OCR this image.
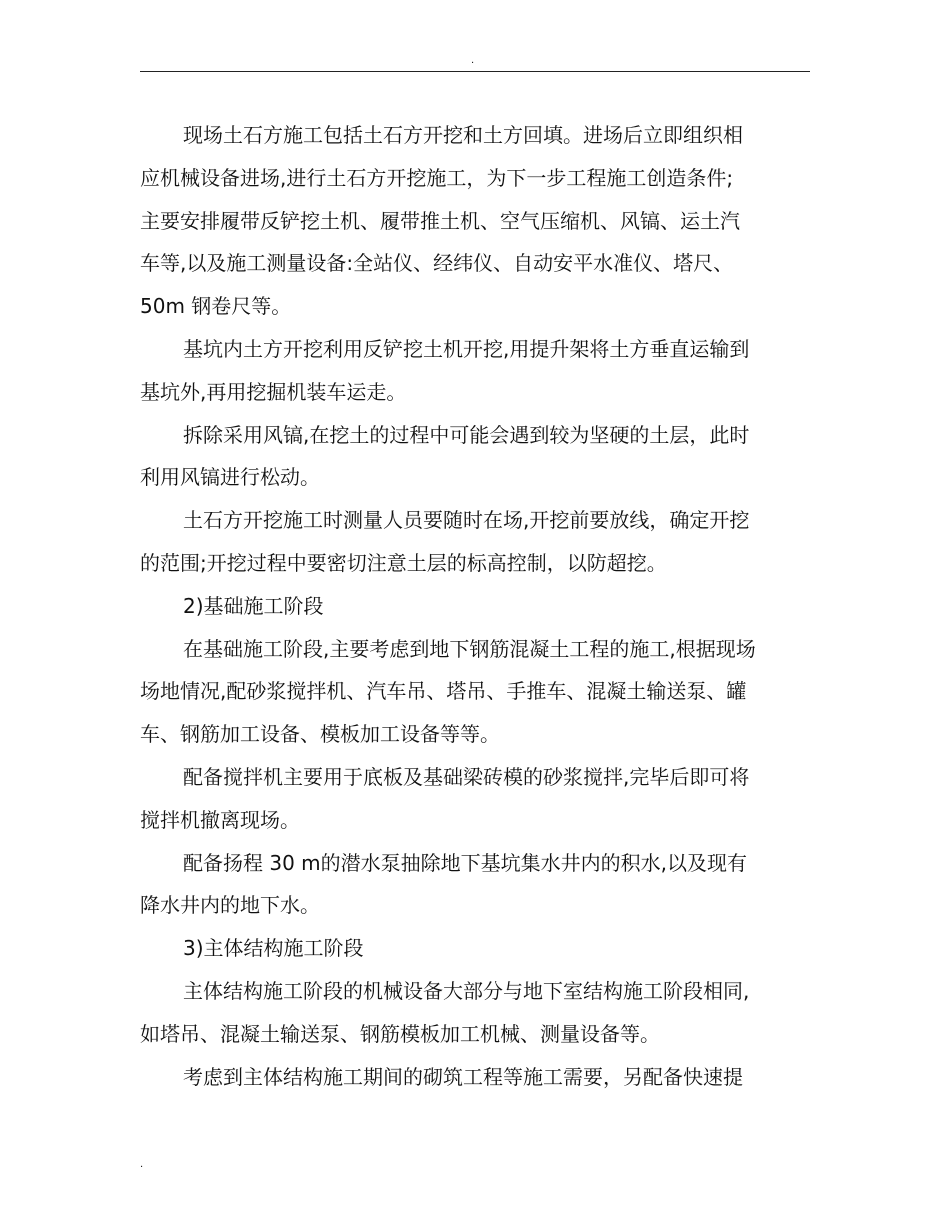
.
现场土石方施工包括土石方开挖和土方回填。进场后立即组织相
应机械设备进场,进行土石方开挖施工，为下一步工程施工创造条件;
主要安排履带反铲挖土机、履带推土机、空气压缩机、风镐、运土汽
车等,以及施工测量设备:全站仪、经纬仪、自动安平水准仪、塔尺、
50m 钢卷尺等。
基坑内土方开挖利用反铲挖土机开挖,用提升架将土方垂直运输到
基坑外,再用挖掘机装车运走。
拆除采用风镐,在挖土的过程中可能会遇到较为坚硬的土层，此时
利用风镐进行松动。
土石方开挖施工时测量人员要随时在场,开挖前要放线，确定开挖
的范围;开挖过程中要密切注意土层的标高控制，以防超挖。
2)基础施工阶段
在基础施工阶段,主要考虑到地下钢筋混凝土工程的施工,根据现场
场地情况,配砂浆搅拌机、汽车吊、塔吊、手推车、混凝土输送泵、罐
车、钢筋加工设备、模板加工设备等等。
配备搅拌机主要用于底板及基础梁砖模的砂浆搅拌,完毕后即可将
搅拌机撤离现场。
配备扬程 30 m的潜水泵抽除地下基坑集水井内的积水,以及现有
降水井内的地下水。
3)主体结构施工阶段
主体结构施工阶段的机械设备大部分与地下室结构施工阶段相同,
如塔吊、混凝土输送泵、钢筋模板加工机械、测量设备等。
考虑到主体结构施工期间的砌筑工程等施工需要，另配备快速提
.
